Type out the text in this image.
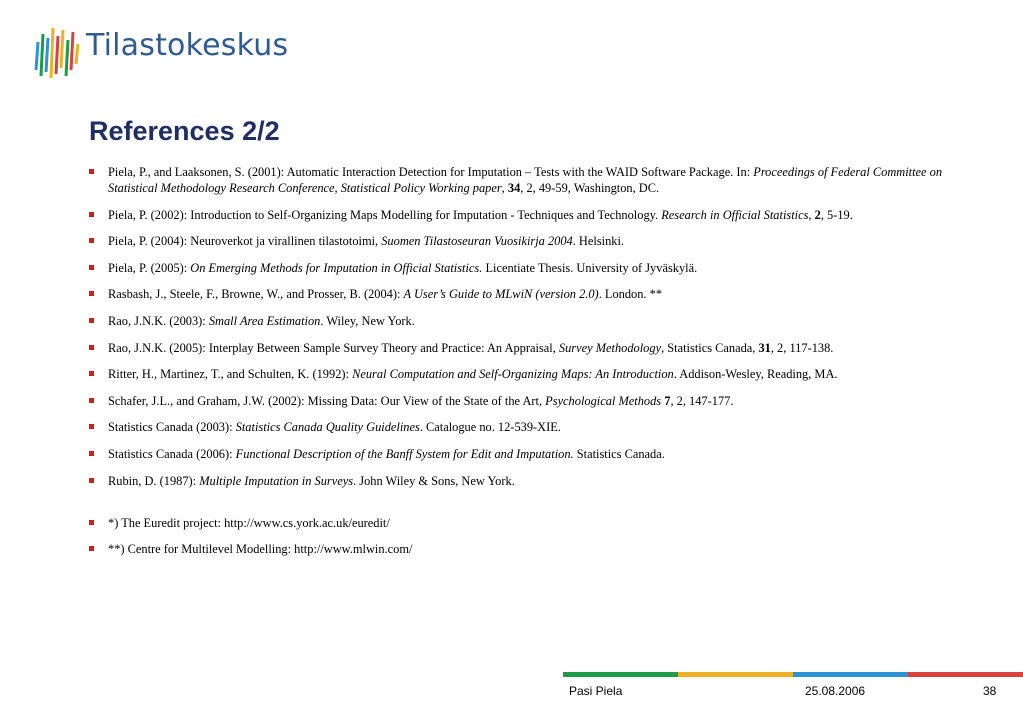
Tilastokeskus
References 2/2
Piela, P., and Laaksonen, S. (2001): Automatic Interaction Detection for Imputation – Tests with the WAID Software Package. In: Proceedings of Federal Committee on Statistical Methodology Research Conference, Statistical Policy Working paper, 34, 2, 49-59, Washington, DC.
Piela, P. (2002): Introduction to Self-Organizing Maps Modelling for Imputation - Techniques and Technology. Research in Official Statistics, 2, 5-19.
Piela, P. (2004): Neuroverkot ja virallinen tilastotoimi, Suomen Tilastoseuran Vuosikirja 2004. Helsinki.
Piela, P. (2005): On Emerging Methods for Imputation in Official Statistics. Licentiate Thesis. University of Jyväskylä.
Rasbash, J., Steele, F., Browne, W., and Prosser, B. (2004): A User’s Guide to MLwiN (version 2.0). London. **
Rao, J.N.K. (2003): Small Area Estimation. Wiley, New York.
Rao, J.N.K. (2005): Interplay Between Sample Survey Theory and Practice: An Appraisal, Survey Methodology, Statistics Canada, 31, 2, 117-138.
Ritter, H., Martinez, T., and Schulten, K. (1992): Neural Computation and Self-Organizing Maps: An Introduction. Addison-Wesley, Reading, MA.
Schafer, J.L., and Graham, J.W. (2002): Missing Data: Our View of the State of the Art, Psychological Methods 7, 2, 147-177.
Statistics Canada (2003): Statistics Canada Quality Guidelines. Catalogue no. 12-539-XIE.
Statistics Canada (2006): Functional Description of the Banff System for Edit and Imputation. Statistics Canada.
Rubin, D. (1987): Multiple Imputation in Surveys. John Wiley & Sons, New York.
*) The Euredit project: http://www.cs.york.ac.uk/euredit/
**) Centre for Multilevel Modelling: http://www.mlwin.com/
Pasi Piela	25.08.2006	38
